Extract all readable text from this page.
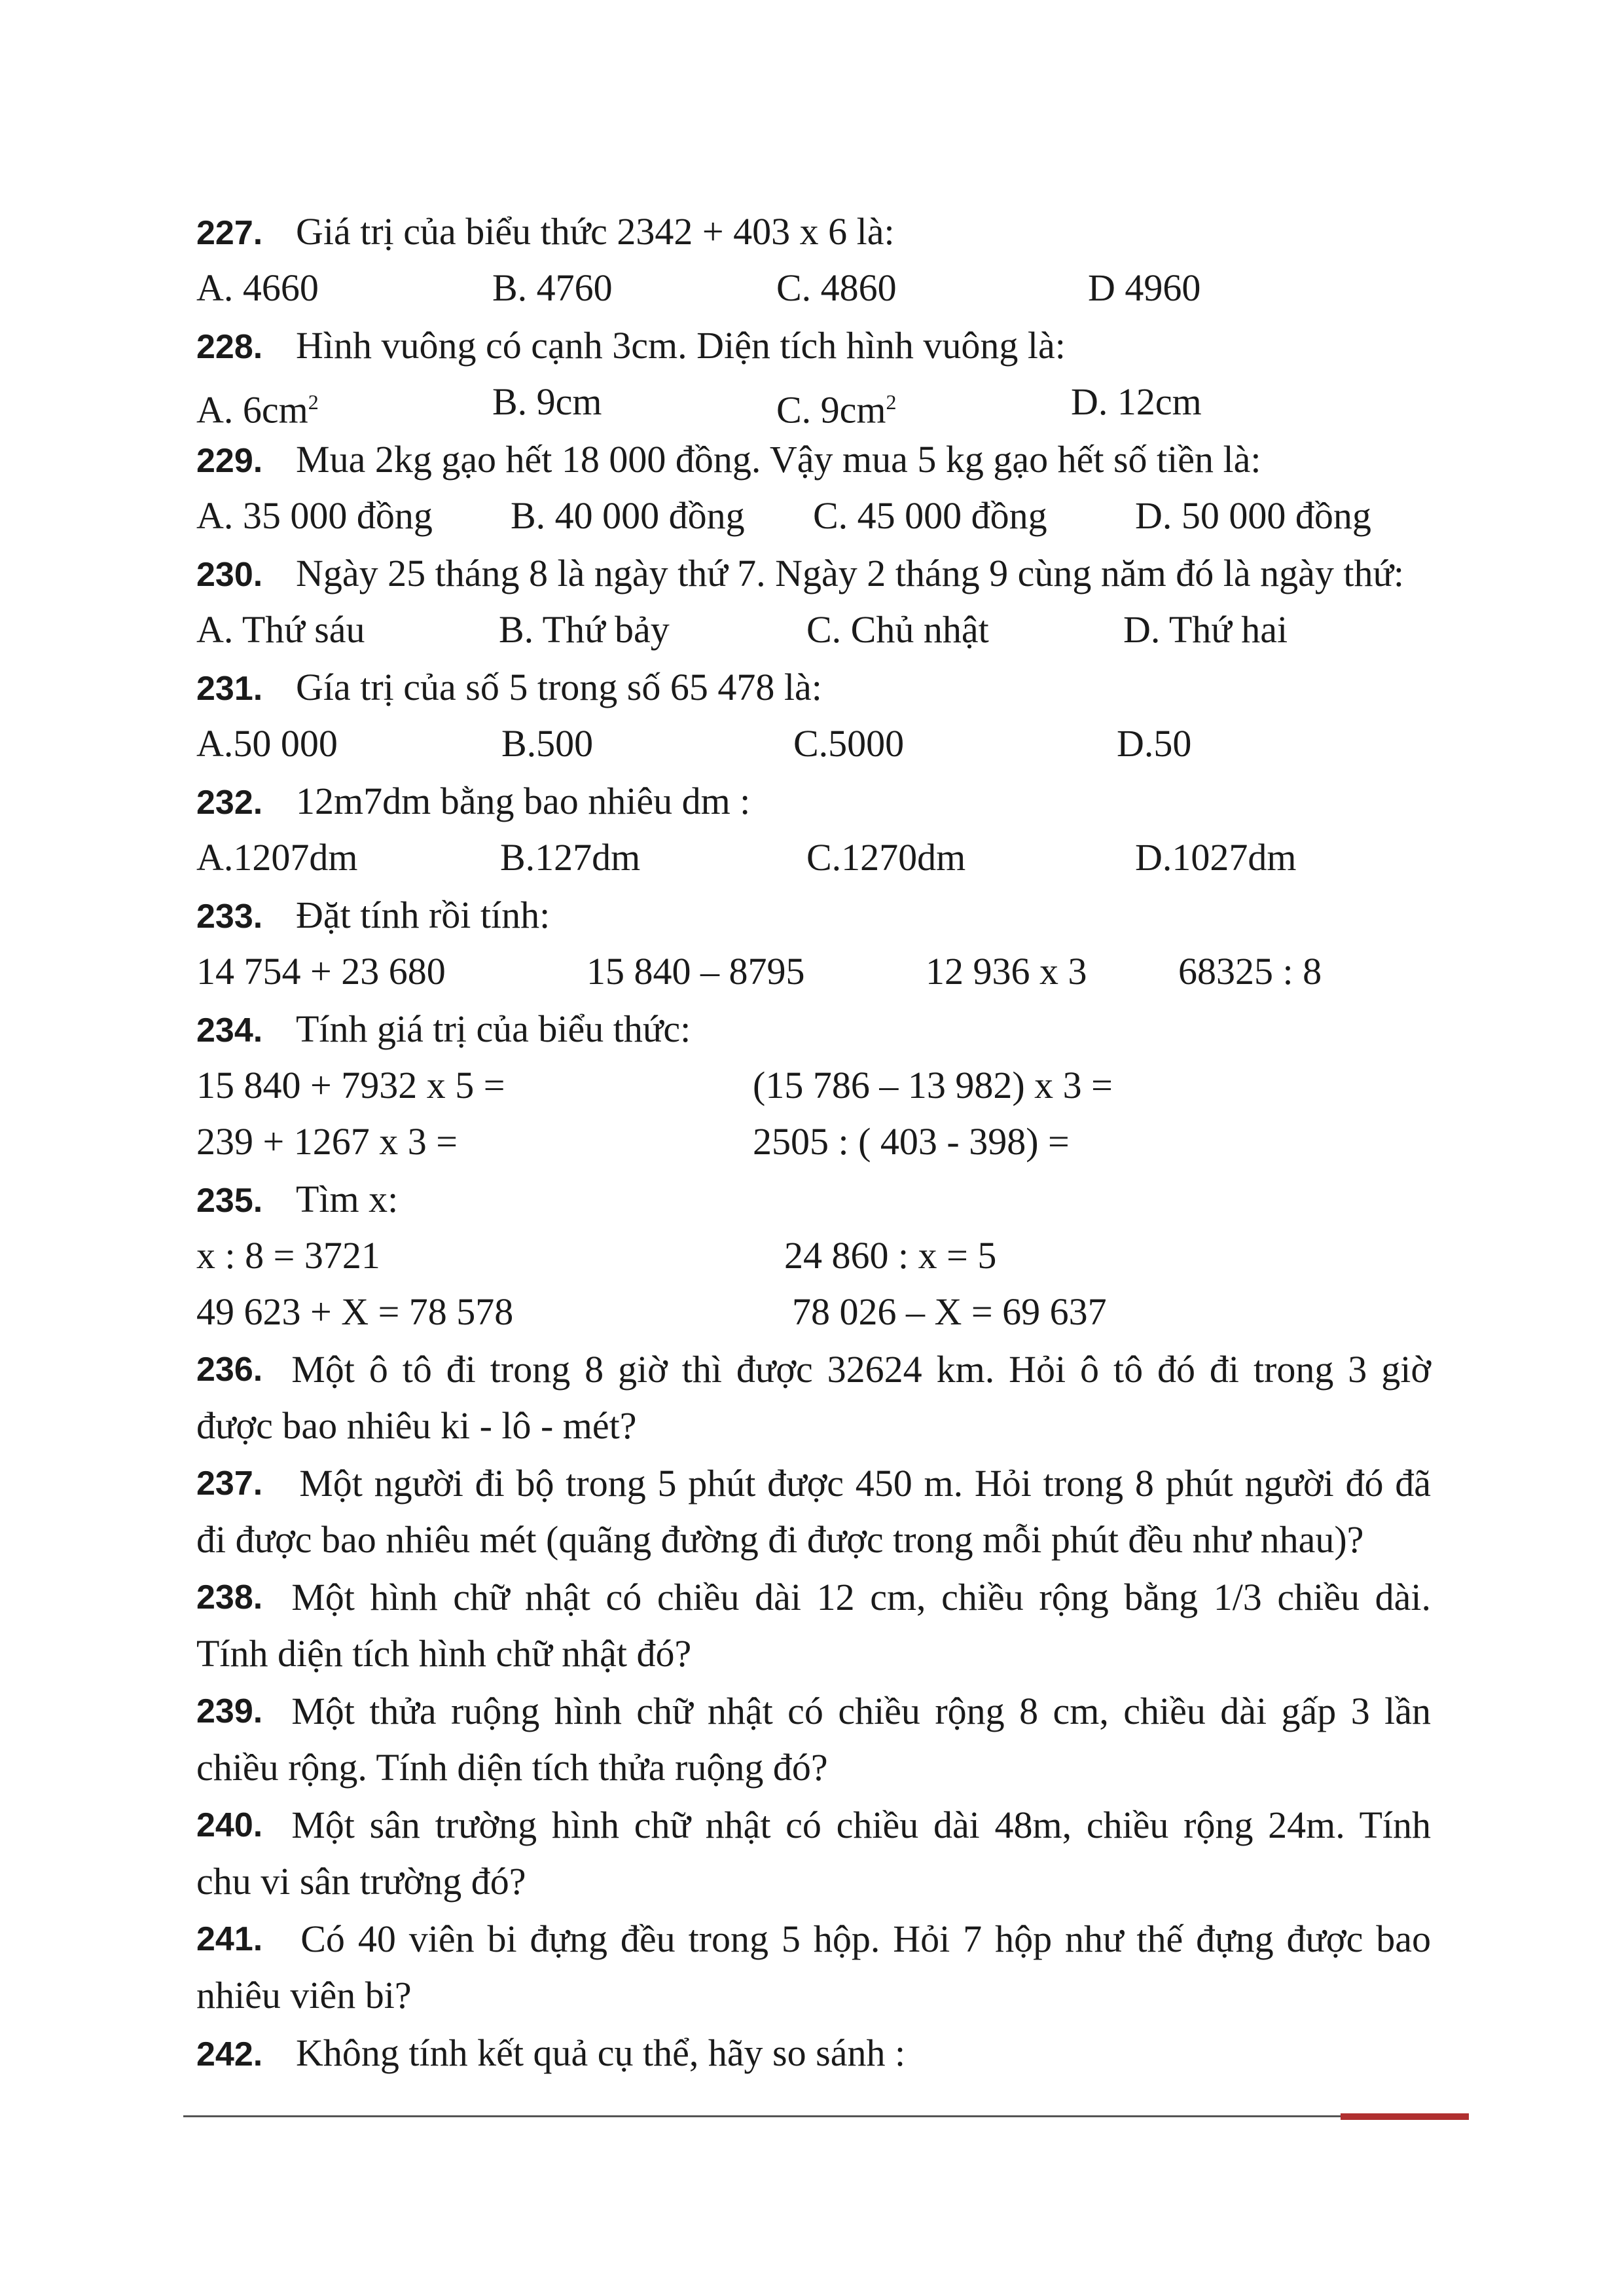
227. Giá trị của biểu thức 2342 + 403 x 6 là:
A. 4660	B. 4760	C. 4860	D 4960
228. Hình vuông có cạnh 3cm. Diện tích hình vuông là:
A. $6cm^2$	B. 9cm	C. $9cm^2$	D. 12cm
229. Mua 2kg gạo hết 18 000 đồng. Vậy mua 5 kg gạo hết số tiền là:
A. 35 000 đồng B. 40 000 đồng C. 45 000 đồng D. 50 000 đồng
230. Ngày 25 tháng 8 là ngày thứ 7. Ngày 2 tháng 9 cùng năm đó là ngày thứ:
A. Thứ sáu	B. Thứ bảy	C. Chủ nhật	D. Thứ hai
231. Gía trị của số 5 trong số 65 478 là:
A.50 000	B.500	C.5000	D.50
232. 12m7dm bằng bao nhiêu dm :
A.1207dm	B.127dm	C.1270dm	D.1027dm
233. Đặt tính rồi tính:
14 754 + 23 680	15 840 – 8795	12 936 x 3 68325 : 8
234. Tính giá trị của biểu thức:
15 840 + 7932 x 5 =	(15 786 – 13 982) x 3 =
239 + 1267 x 3 =	2505 : ( 403 - 398) =
235. Tìm x:
x : 8 = 3721	24 860 : x = 5
49 623 + X = 78 578	78 026 – X = 69 637
236. Một ô tô đi trong 8 giờ thì được 32624 km. Hỏi ô tô đó đi trong 3 giờ
được bao nhiêu ki - lô - mét?
237. Một người đi bộ trong 5 phút được 450 m. Hỏi trong 8 phút người đó đã
đi được bao nhiêu mét (quãng đường đi được trong mỗi phút đều như nhau)?
238. Một hình chữ nhật có chiều dài 12 cm, chiều rộng bằng 1/3 chiều dài.
Tính diện tích hình chữ nhật đó?
239. Một thửa ruộng hình chữ nhật có chiều rộng 8 cm, chiều dài gấp 3 lần
chiều rộng. Tính diện tích thửa ruộng đó?
240. Một sân trường hình chữ nhật có chiều dài 48m, chiều rộng 24m. Tính
chu vi sân trường đó?
241. Có 40 viên bi đựng đều trong 5 hộp. Hỏi 7 hộp như thế đựng được bao
nhiêu viên bi?
242. Không tính kết quả cụ thể, hãy so sánh :
